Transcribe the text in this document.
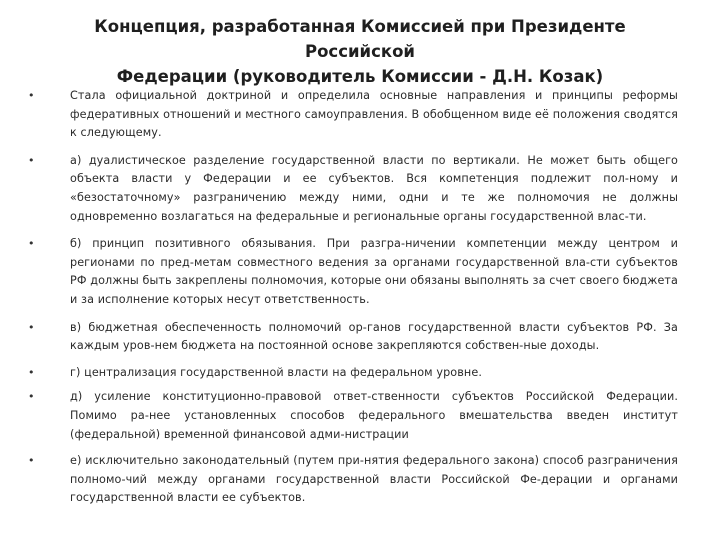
Концепция, разработанная Комиссией при Президенте Российской
Федерации (руководитель Комиссии - Д.Н. Козак)
•	Стала официальной доктриной и определила основные направления и принципы реформы федеративных отношений и местного самоуправления. В обобщенном виде её положения сводятся к следующему.
•	а) дуалистическое разделение государственной власти по вертикали. Не может быть общего объекта власти у Федерации и ее субъектов. Вся компетенция подлежит пол-ному и «безостаточному» разграничению между ними, одни и те же полномочия не должны одновременно возлагаться на федеральные и региональные органы государственной влас-ти.
•	б) принцип позитивного обязывания. При разгра-ничении компетенции между центром и регионами по пред-метам совместного ведения за органами государственной вла-сти субъектов РФ должны быть закреплены полномочия, которые они обязаны выполнять за счет своего бюджета и за исполнение которых несут ответственность.
•	в) бюджетная обеспеченность полномочий ор-ганов государственной власти субъектов РФ. За каждым уров-нем бюджета на постоянной основе закрепляются собствен-ные доходы.
•	г) централизация государственной власти на федеральном уровне.
•	д) усиление конституционно-правовой ответ-ственности субъектов Российской Федерации. Помимо ра-нее установленных способов федерального вмешательства введен институт (федеральной) временной финансовой адми-нистрации
•	е) исключительно законодательный (путем при-нятия федерального закона) способ разграничения полномо-чий между органами государственной власти Российской Фе-дерации и органами государственной власти ее субъектов.
